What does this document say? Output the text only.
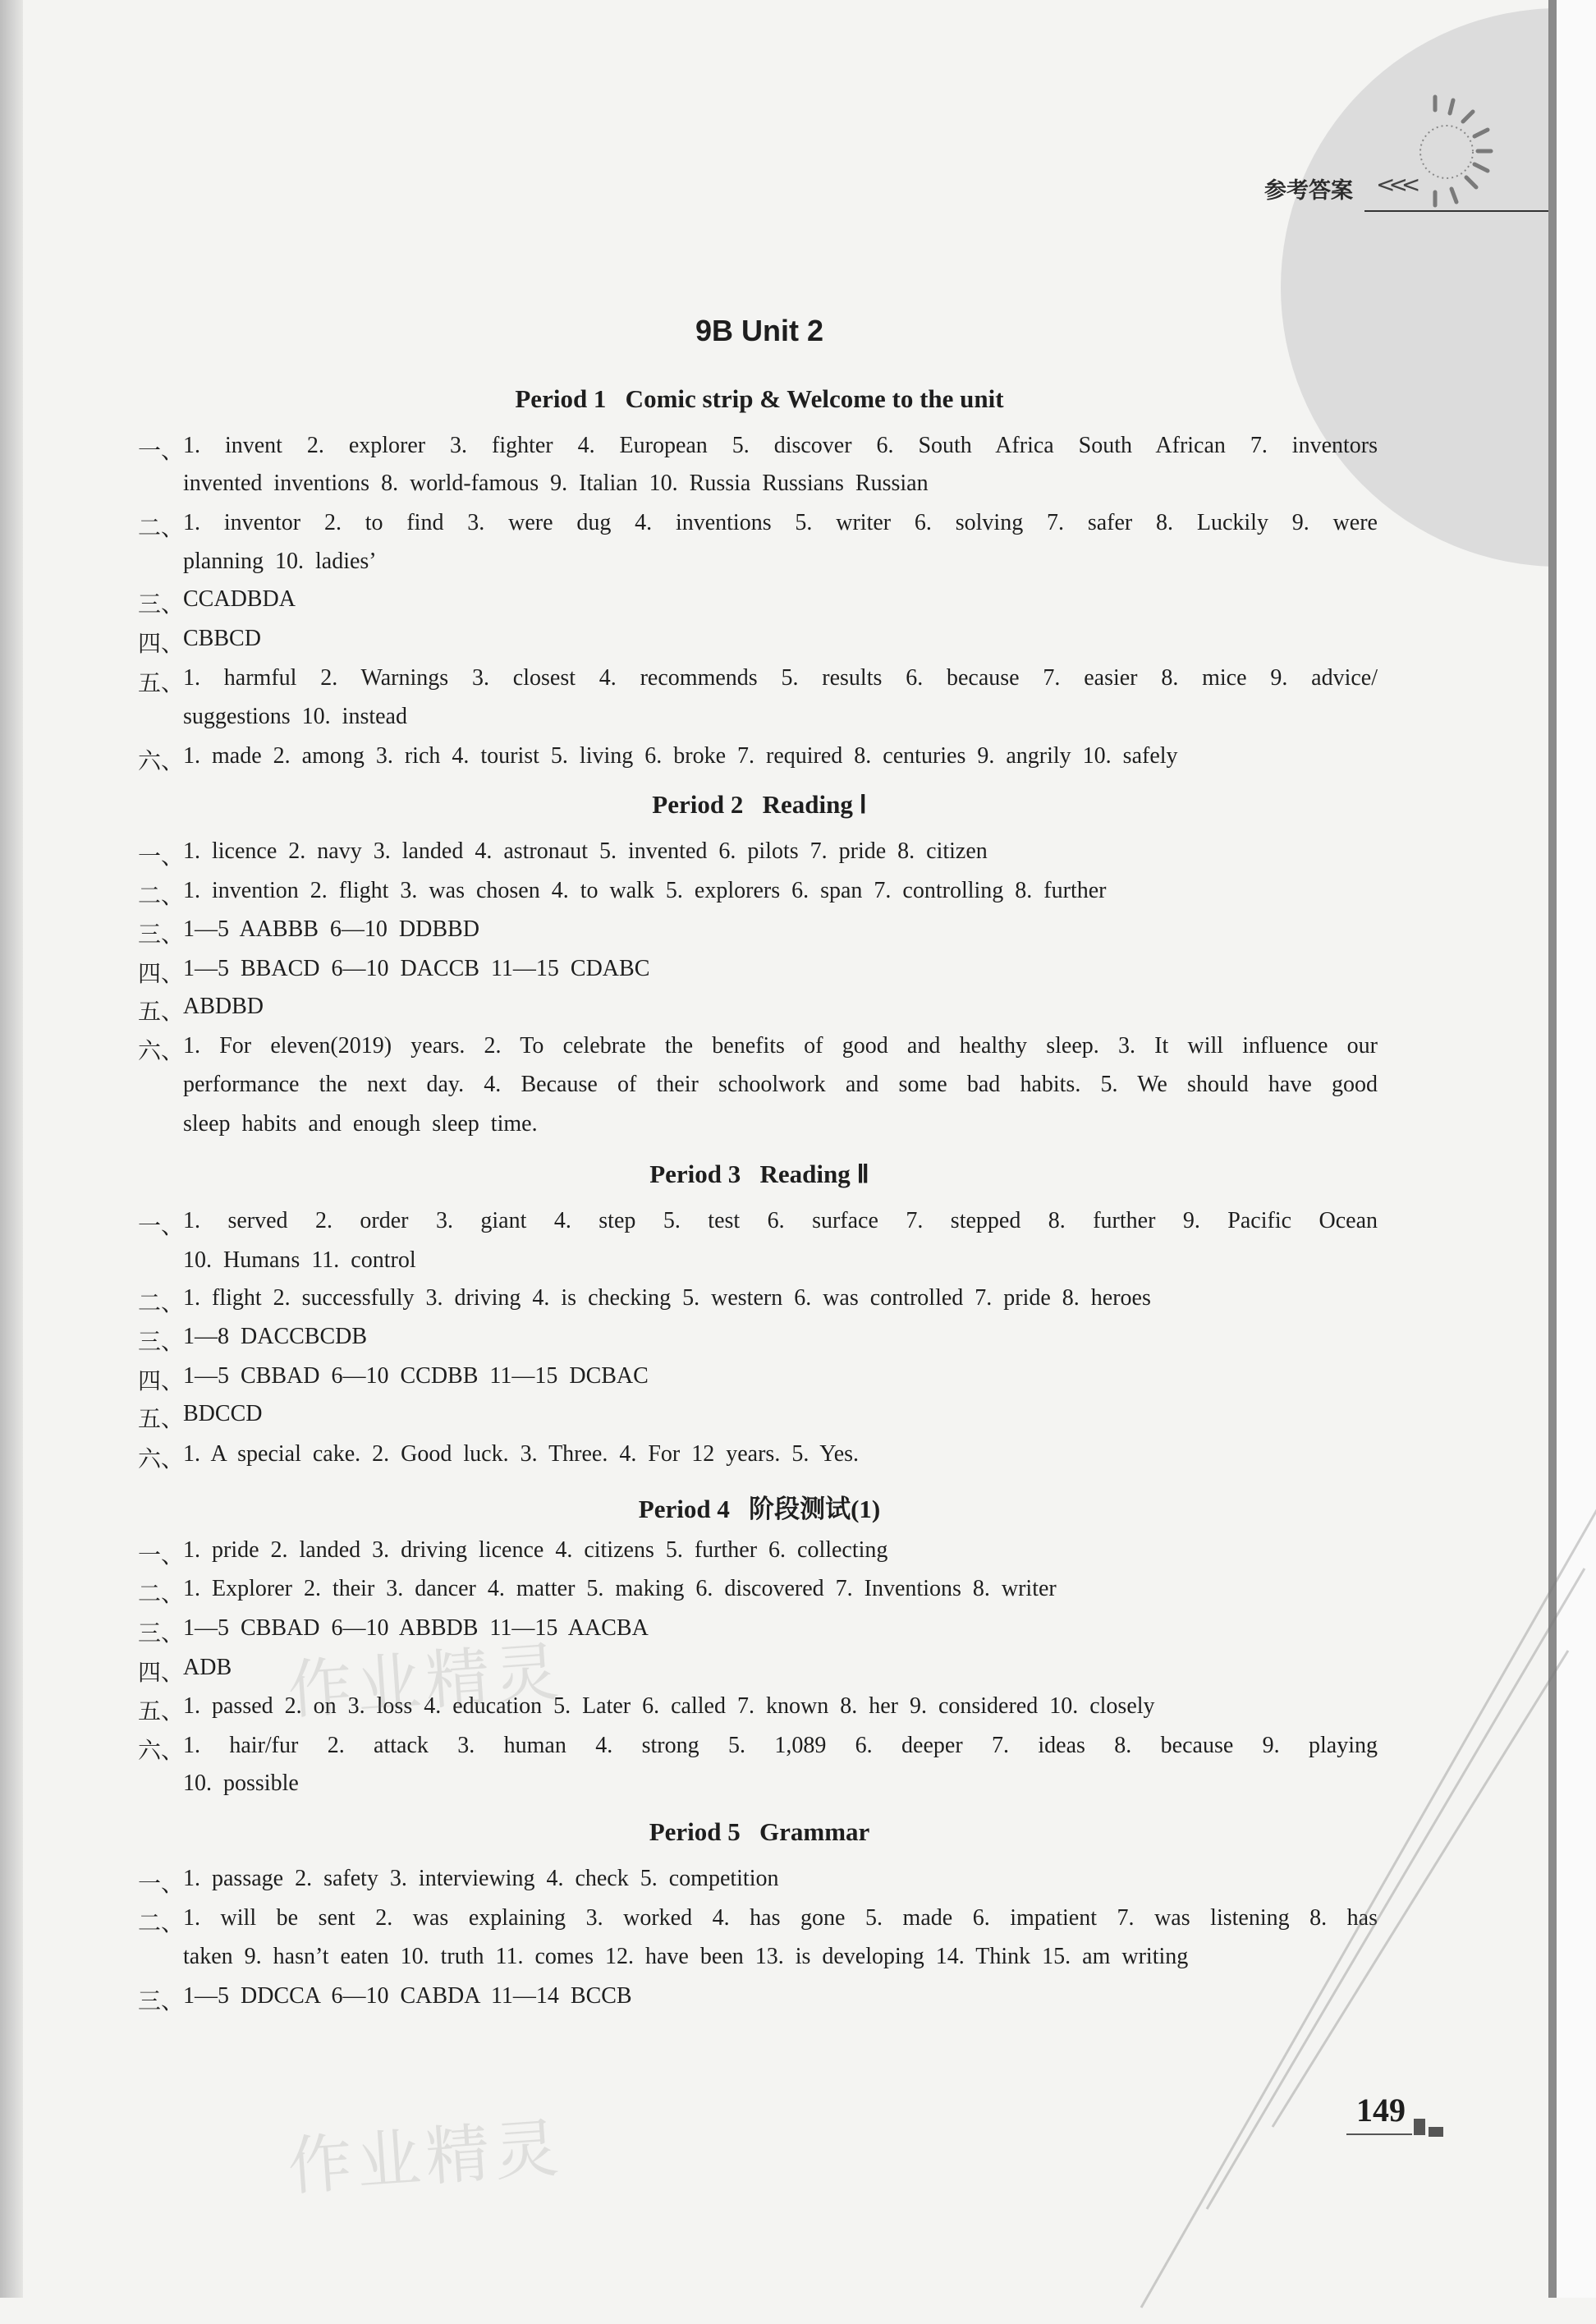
参考答案 <<<
9B Unit 2
Period 1   Comic strip & Welcome to the unit
一、
1. invent 2. explorer 3. fighter 4. European 5. discover 6. South Africa South African 7. inventors
invented inventions 8. world-famous 9. Italian 10. Russia Russians Russian
二、
1. inventor 2. to find 3. were dug 4. inventions 5. writer 6. solving 7. safer 8. Luckily 9. were
planning 10. ladies’
三、
CCADBDA
四、
CBBCD
五、
1. harmful 2. Warnings 3. closest 4. recommends 5. results 6. because 7. easier 8. mice 9. advice/
suggestions 10. instead
六、
1. made 2. among 3. rich 4. tourist 5. living 6. broke 7. required 8. centuries 9. angrily 10. safely
Period 2   Reading Ⅰ
一、
1. licence 2. navy 3. landed 4. astronaut 5. invented 6. pilots 7. pride 8. citizen
二、
1. invention 2. flight 3. was chosen 4. to walk 5. explorers 6. span 7. controlling 8. further
三、
1—5 AABBB 6—10 DDBBD
四、
1—5 BBACD 6—10 DACCB 11—15 CDABC
五、
ABDBD
六、
1. For eleven(2019) years. 2. To celebrate the benefits of good and healthy sleep. 3. It will influence our
performance the next day. 4. Because of their schoolwork and some bad habits. 5. We should have good
sleep habits and enough sleep time.
Period 3   Reading Ⅱ
一、
1. served 2. order 3. giant 4. step 5. test 6. surface 7. stepped 8. further 9. Pacific Ocean
10. Humans 11. control
二、
1. flight 2. successfully 3. driving 4. is checking 5. western 6. was controlled 7. pride 8. heroes
三、
1—8 DACCBCDB
四、
1—5 CBBAD 6—10 CCDBB 11—15 DCBAC
五、
BDCCD
六、
1. A special cake. 2. Good luck. 3. Three. 4. For 12 years. 5. Yes.
Period 4   阶段测试(1)
一、
1. pride 2. landed 3. driving licence 4. citizens 5. further 6. collecting
二、
1. Explorer 2. their 3. dancer 4. matter 5. making 6. discovered 7. Inventions 8. writer
三、
1—5 CBBAD 6—10 ABBDB 11—15 AACBA
四、
ADB
五、
1. passed 2. on 3. loss 4. education 5. Later 6. called 7. known 8. her 9. considered 10. closely
六、
1. hair/fur 2. attack 3. human 4. strong 5. 1,089 6. deeper 7. ideas 8. because 9. playing
10. possible
Period 5   Grammar
一、
1. passage 2. safety 3. interviewing 4. check 5. competition
二、
1. will be sent 2. was explaining 3. worked 4. has gone 5. made 6. impatient 7. was listening 8. has
taken 9. hasn’t eaten 10. truth 11. comes 12. have been 13. is developing 14. Think 15. am writing
三、
1—5 DDCCA 6—10 CABDA 11—14 BCCB
作业精灵
作业精灵
149
